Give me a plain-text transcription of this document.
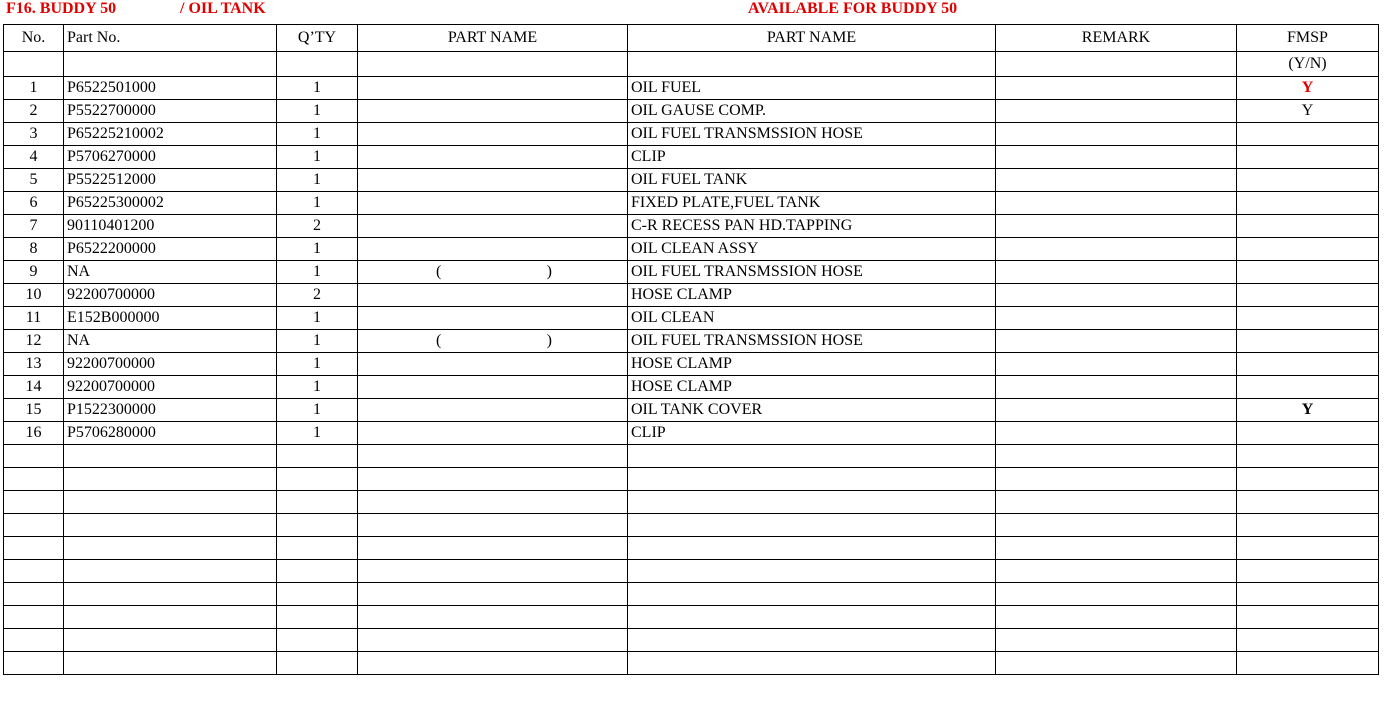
F16. BUDDY 50	/ OIL TANK	AVAILABLE FOR BUDDY 50
No.	Part No.	Q’TY	PART NAME	PART NAME	REMARK	FMSP
						(Y/N)
1	P6522501000	1		OIL FUEL		Y
2	P5522700000	1		OIL GAUSE COMP.		Y
3	P65225210002	1		OIL FUEL TRANSMSSION HOSE		
4	P5706270000	1		CLIP		
5	P5522512000	1		OIL FUEL TANK		
6	P65225300002	1		FIXED PLATE,FUEL TANK		
7	90110401200	2		C-R RECESS PAN HD.TAPPING		
8	P6522200000	1		OIL CLEAN ASSY		
9	NA	1	( )	OIL FUEL TRANSMSSION HOSE		
10	92200700000	2		HOSE CLAMP		
11	E152B000000	1		OIL CLEAN		
12	NA	1	( )	OIL FUEL TRANSMSSION HOSE		
13	92200700000	1		HOSE CLAMP		
14	92200700000	1		HOSE CLAMP		
15	P1522300000	1		OIL TANK COVER		Y
16	P5706280000	1		CLIP		
